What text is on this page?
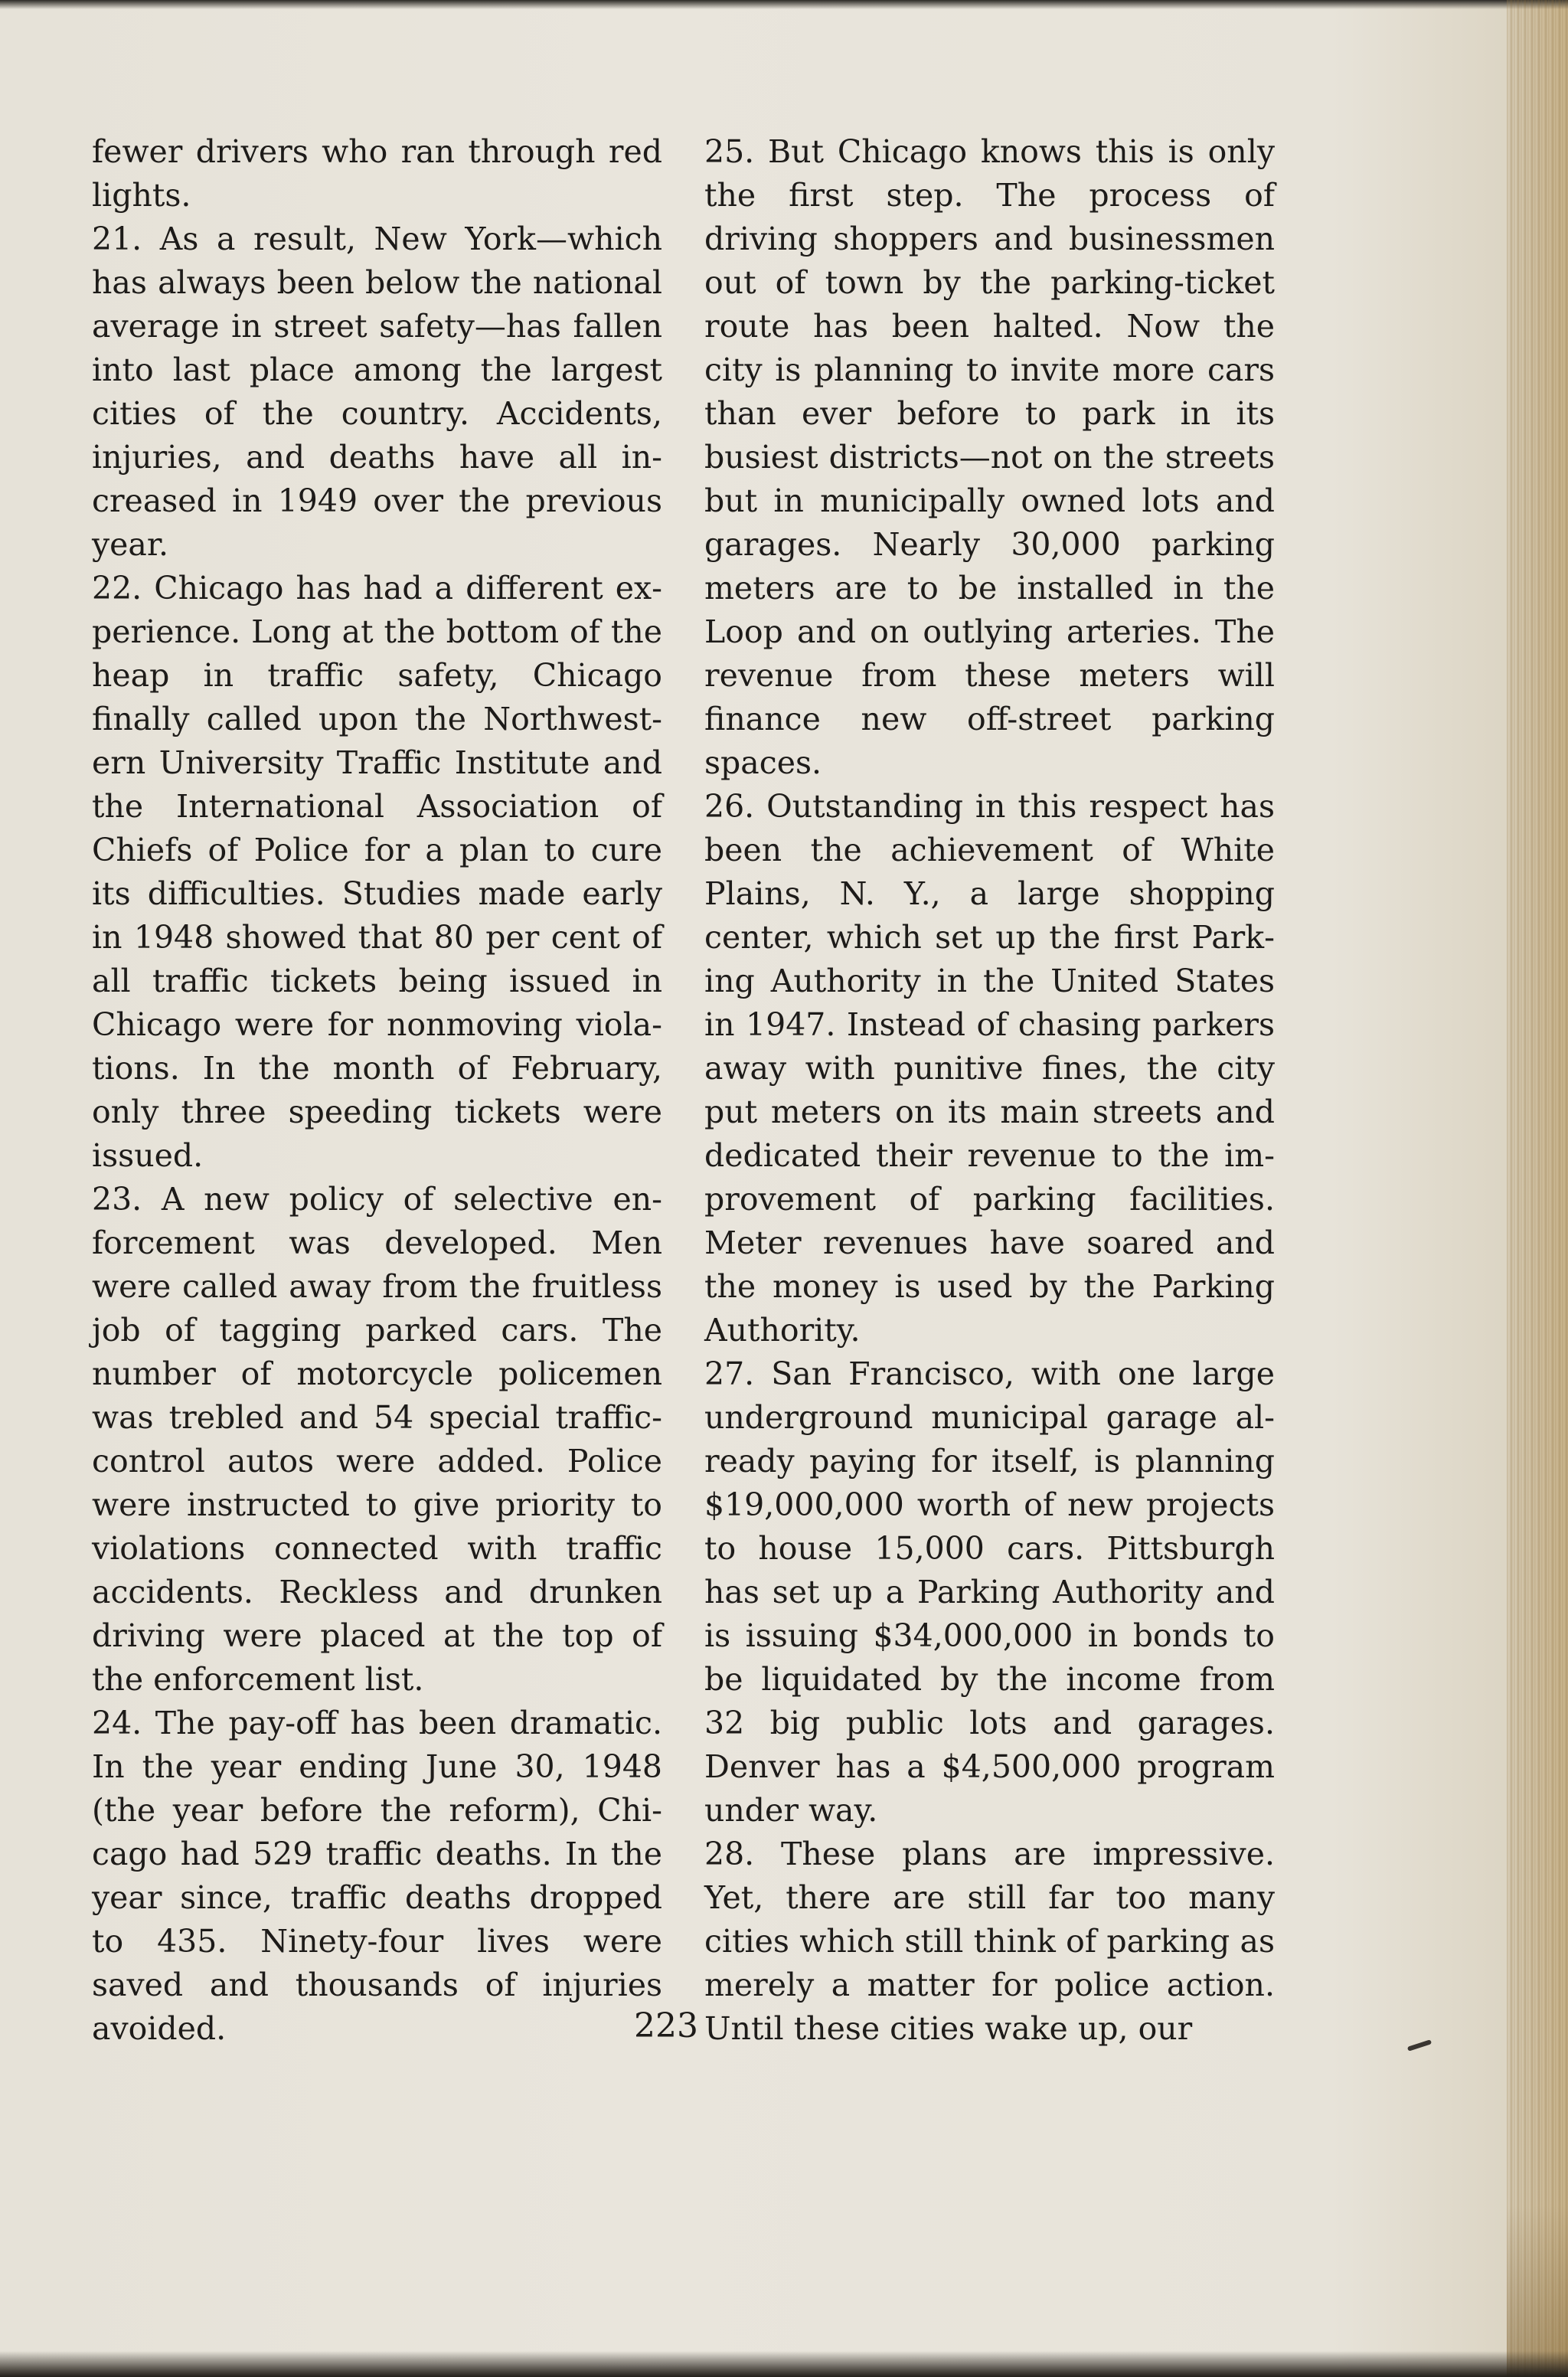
fewer drivers who ran through red lights.

21. As a result, New York—which has always been below the national average in street safety—has fallen into last place among the largest cities of the country. Accidents, injuries, and deaths have all increased in 1949 over the previous year.

22. Chicago has had a different experience. Long at the bottom of the heap in traffic safety, Chicago finally called upon the Northwestern University Traffic Institute and the International Association of Chiefs of Police for a plan to cure its difficulties. Studies made early in 1948 showed that 80 per cent of all traffic tickets being issued in Chicago were for nonmoving violations. In the month of February, only three speeding tickets were issued.

23. A new policy of selective enforcement was developed. Men were called away from the fruitless job of tagging parked cars. The number of motorcycle policemen was trebled and 54 special traffic-control autos were added. Police were instructed to give priority to violations connected with traffic accidents. Reckless and drunken driving were placed at the top of the enforcement list.

24. The pay-off has been dramatic. In the year ending June 30, 1948 (the year before the reform), Chicago had 529 traffic deaths. In the year since, traffic deaths dropped to 435. Ninety-four lives were saved and thousands of injuries avoided.

25. But Chicago knows this is only the first step. The process of driving shoppers and businessmen out of town by the parking-ticket route has been halted. Now the city is planning to invite more cars than ever before to park in its busiest districts—not on the streets but in municipally owned lots and garages. Nearly 30,000 parking meters are to be installed in the Loop and on outlying arteries. The revenue from these meters will finance new off-street parking spaces.

26. Outstanding in this respect has been the achievement of White Plains, N. Y., a large shopping center, which set up the first Parking Authority in the United States in 1947. Instead of chasing parkers away with punitive fines, the city put meters on its main streets and dedicated their revenue to the improvement of parking facilities. Meter revenues have soared and the money is used by the Parking Authority.

27. San Francisco, with one large underground municipal garage already paying for itself, is planning $19,000,000 worth of new projects to house 15,000 cars. Pittsburgh has set up a Parking Authority and is issuing $34,000,000 in bonds to be liquidated by the income from 32 big public lots and garages. Denver has a $4,500,000 program under way.

28. These plans are impressive. Yet, there are still far too many cities which still think of parking as merely a matter for police action. Until these cities wake up, our

223
